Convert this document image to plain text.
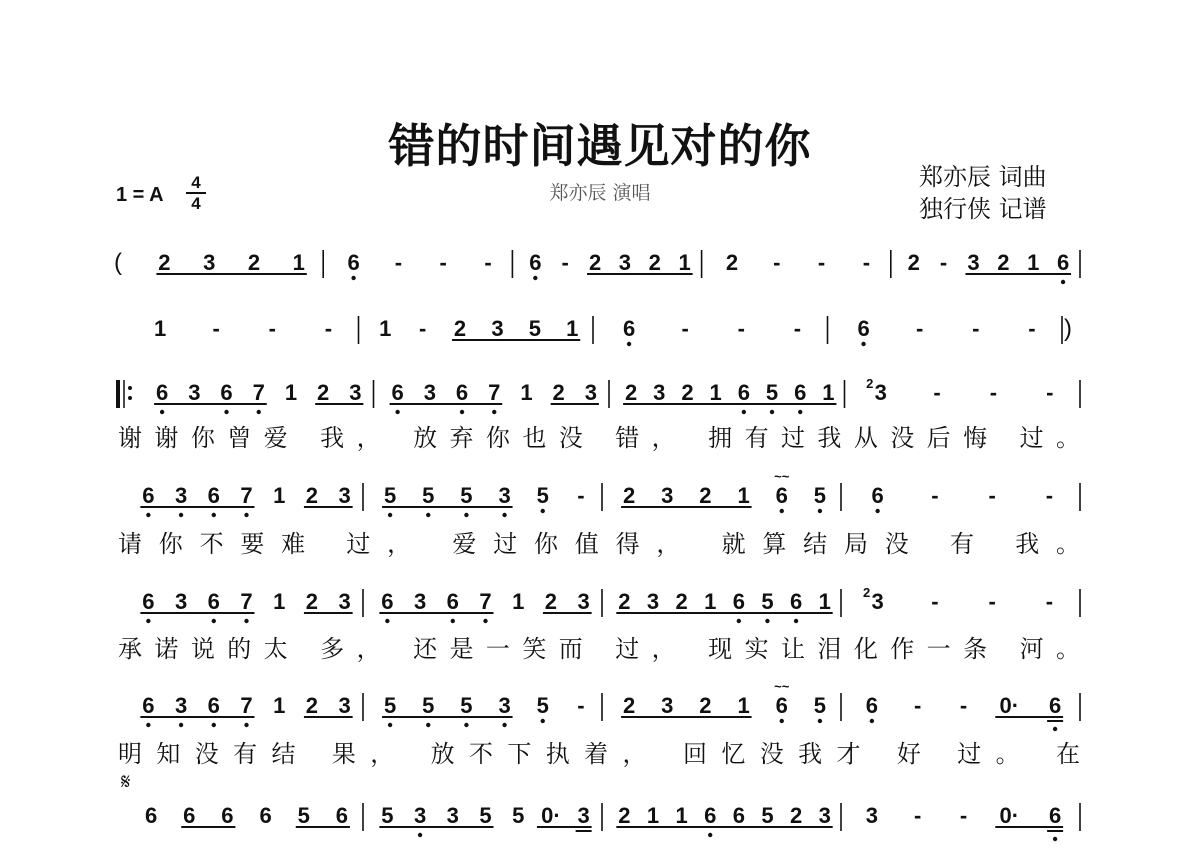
错的时间遇见对的你
郑亦辰 演唱
郑亦辰 词曲
独行侠 记谱
1 = A
4
4
𝄋
( 2 3 2 1 6 - - - 6 - 2 3 2 1 2 - - - 2 - 3 2 1 6
)
1 - - - 1 - 2 3 5 1 6 - - -	6 - - -
6 3 6 7 1 2 3 6 3 6 7 1 2 3 2 3 2 1 6 5 6 1 3
2	- - -
谢谢你曾爱 我， 放弃你也没 错， 拥有过我从没后悔 过。
6 3 6 7 1 2 3 5 5 5 3 5 - 2 3 2 1 6
~~
5 6 - - -
请你不要难 过， 爱过你值得， 就算结局没 有 我。
6 3 6 7 1 2 3 6 3 6 7 1 2 3 2 3 2 1 6 5 6 1 3
2	- - -
承诺说的太 多， 还是一笑而 过， 现实让泪化作一条 河。
6 3 6 7 1 2 3 5 5 5 3 5 - 2 3 2 1 6
~~
5 6 - - 0· 6
明知没有结 果， 放不下执着， 回忆没我才 好 过。 在
6 6 6 6 5 6 5 3 3 5 5 0· 3 2 1 1 6 6 5 2 3 3 - - 0· 6
